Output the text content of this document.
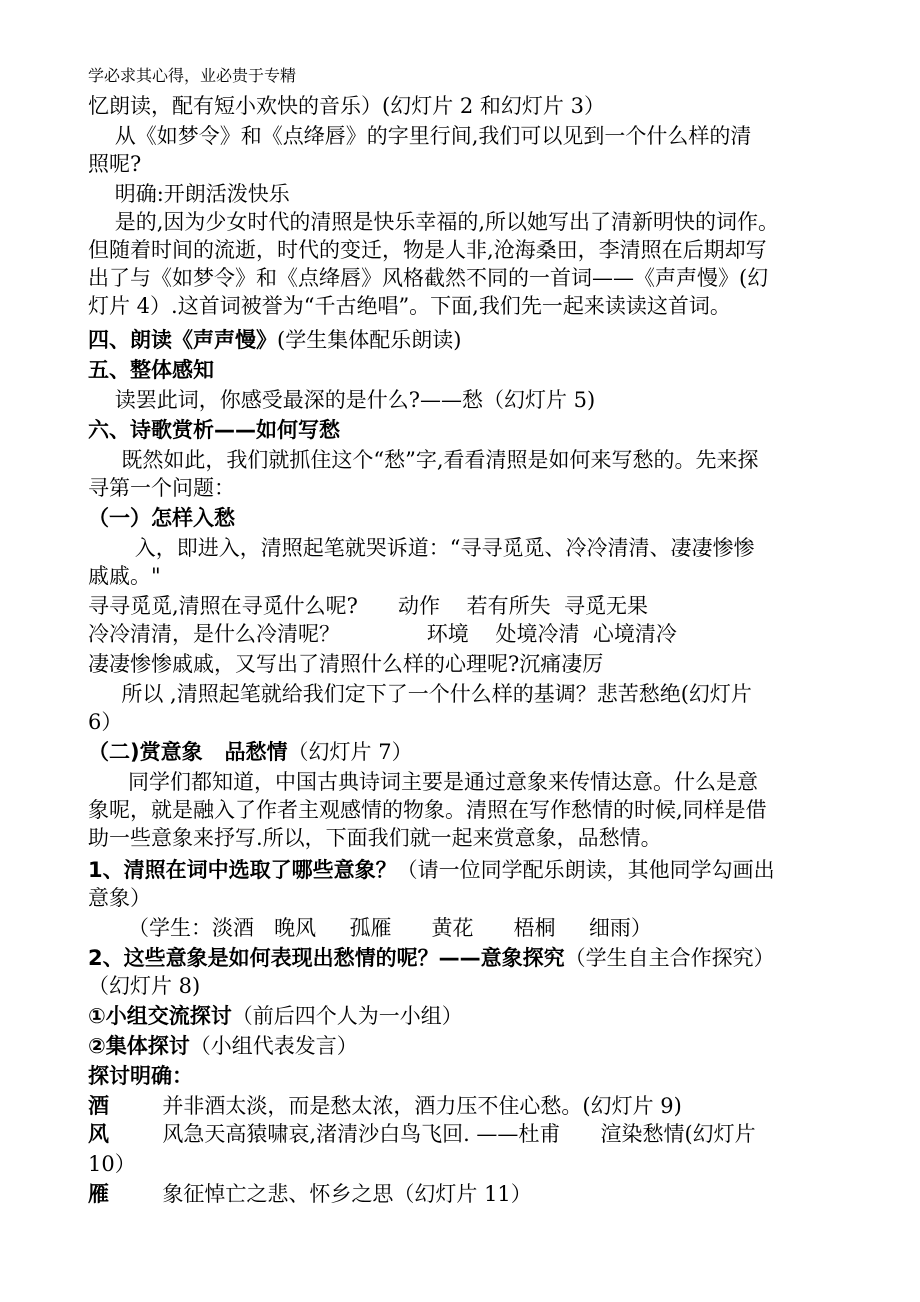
学必求其心得，业必贵于专精
忆朗读，配有短小欢快的音乐）(幻灯片 2 和幻灯片 3）
从《如梦令》和《点绛唇》的字里行间,我们可以见到一个什么样的清
照呢?
明确:开朗活泼快乐
是的,因为少女时代的清照是快乐幸福的,所以她写出了清新明快的词作。
但随着时间的流逝，时代的变迁，物是人非,沧海桑田，李清照在后期却写
出了与《如梦令》和《点绛唇》风格截然不同的一首词——《声声慢》(幻
灯片 4）.这首词被誉为“千古绝唱”。下面,我们先一起来读读这首词。
四、朗读《声声慢》(学生集体配乐朗读)
五、整体感知
读罢此词，你感受最深的是什么?——愁（幻灯片 5)
六、诗歌赏析——如何写愁
既然如此，我们就抓住这个“愁”字,看看清照是如何来写愁的。先来探
寻第一个问题：
（一）怎样入愁
入，即进入，清照起笔就哭诉道：“寻寻觅觅、冷冷清清、凄凄惨惨
戚戚。"
寻寻觅觅,清照在寻觅什么呢?      动作    若有所失  寻觅无果
冷冷清清，是什么冷清呢？             环境    处境冷清  心境清冷
凄凄惨惨戚戚，又写出了清照什么样的心理呢?沉痛凄厉
所以 ,清照起笔就给我们定下了一个什么样的基调？悲苦愁绝(幻灯片
6）
（二)赏意象   品愁情（幻灯片 7）
同学们都知道，中国古典诗词主要是通过意象来传情达意。什么是意
象呢，就是融入了作者主观感情的物象。清照在写作愁情的时候,同样是借
助一些意象来抒写.所以，下面我们就一起来赏意象，品愁情。
1、清照在词中选取了哪些意象？（请一位同学配乐朗读，其他同学勾画出
意象）
（学生：淡酒   晚风     孤雁      黄花      梧桐     细雨）
2、这些意象是如何表现出愁情的呢？——意象探究（学生自主合作探究）
（幻灯片 8)
①小组交流探讨（前后四个人为一小组）
②集体探讨（小组代表发言）
探讨明确：
酒        并非酒太淡，而是愁太浓，酒力压不住心愁。(幻灯片 9)
风        风急天高猿啸哀,渚清沙白鸟飞回. ——杜甫      渲染愁情(幻灯片
10）
雁        象征悼亡之悲、怀乡之思（幻灯片 11）
